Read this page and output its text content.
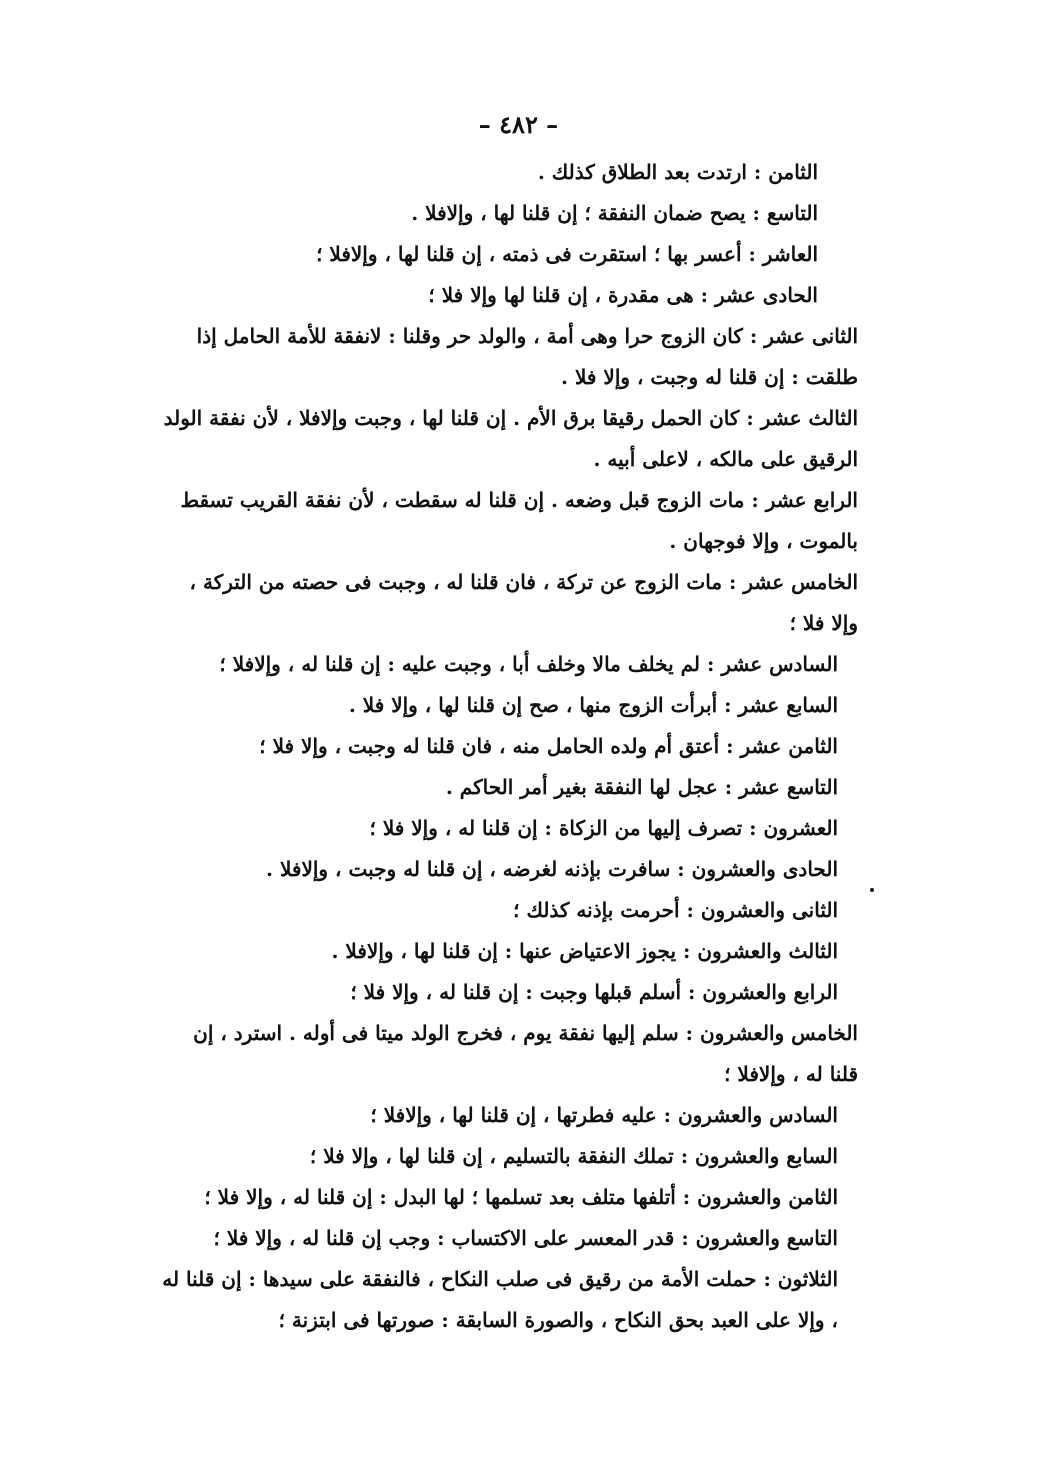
– ٤٨٢ –

الثامن : ارتدت بعد الطلاق كذلك .

التاسع : يصح ضمان النفقة ؛ إن قلنا لها ، وإلافلا .

العاشر : أعسر بها ؛ استقرت فى ذمته ، إن قلنا لها ، وإلافلا ؛

الحادى عشر : هى مقدرة ، إن قلنا لها وإلا فلا ؛

الثانى عشر : كان الزوج حرا وهى أمة ، والولد حر وقلنا : لانفقة للأمة الحامل إذا طلقت : إن قلنا له وجبت ، وإلا فلا .

الثالث عشر : كان الحمل رقيقا برق الأم . إن قلنا لها ، وجبت وإلافلا ، لأن نفقة الولد الرقيق على مالكه ، لاعلى أبيه .

الرابع عشر : مات الزوج قبل وضعه . إن قلنا له سقطت ، لأن نفقة القريب تسقط بالموت ، وإلا فوجهان .

الخامس عشر : مات الزوج عن تركة ، فان قلنا له ، وجبت فى حصته من التركة ، وإلا فلا ؛

السادس عشر : لم يخلف مالا وخلف أبا ، وجبت عليه : إن قلنا له ، وإلافلا ؛

السابع عشر : أبرأت الزوج منها ، صح إن قلنا لها ، وإلا فلا .

الثامن عشر : أعتق أم ولده الحامل منه ، فان قلنا له وجبت ، وإلا فلا ؛

التاسع عشر : عجل لها النفقة بغير أمر الحاكم .

العشرون : تصرف إليها من الزكاة : إن قلنا له ، وإلا فلا ؛

الحادى والعشرون : سافرت بإذنه لغرضه ، إن قلنا له وجبت ، وإلافلا .

الثانى والعشرون : أحرمت بإذنه كذلك ؛

الثالث والعشرون : يجوز الاعتياض عنها : إن قلنا لها ، وإلافلا .

الرابع والعشرون : أسلم قبلها وجبت : إن قلنا له ، وإلا فلا ؛

الخامس والعشرون : سلم إليها نفقة يوم ، فخرج الولد ميتا فى أوله . استرد ، إن قلنا له ، وإلافلا ؛

السادس والعشرون : عليه فطرتها ، إن قلنا لها ، وإلافلا ؛

السابع والعشرون : تملك النفقة بالتسليم ، إن قلنا لها ، وإلا فلا ؛

الثامن والعشرون : أتلفها متلف بعد تسلمها ؛ لها البدل : إن قلنا له ، وإلا فلا ؛

التاسع والعشرون : قدر المعسر على الاكتساب : وجب إن قلنا له ، وإلا فلا ؛

الثلاثون : حملت الأمة من رقيق فى صلب النكاح ، فالنفقة على سيدها : إن قلنا له ، وإلا على العبد بحق النكاح ، والصورة السابقة : صورتها فى ابتزنة ؛
